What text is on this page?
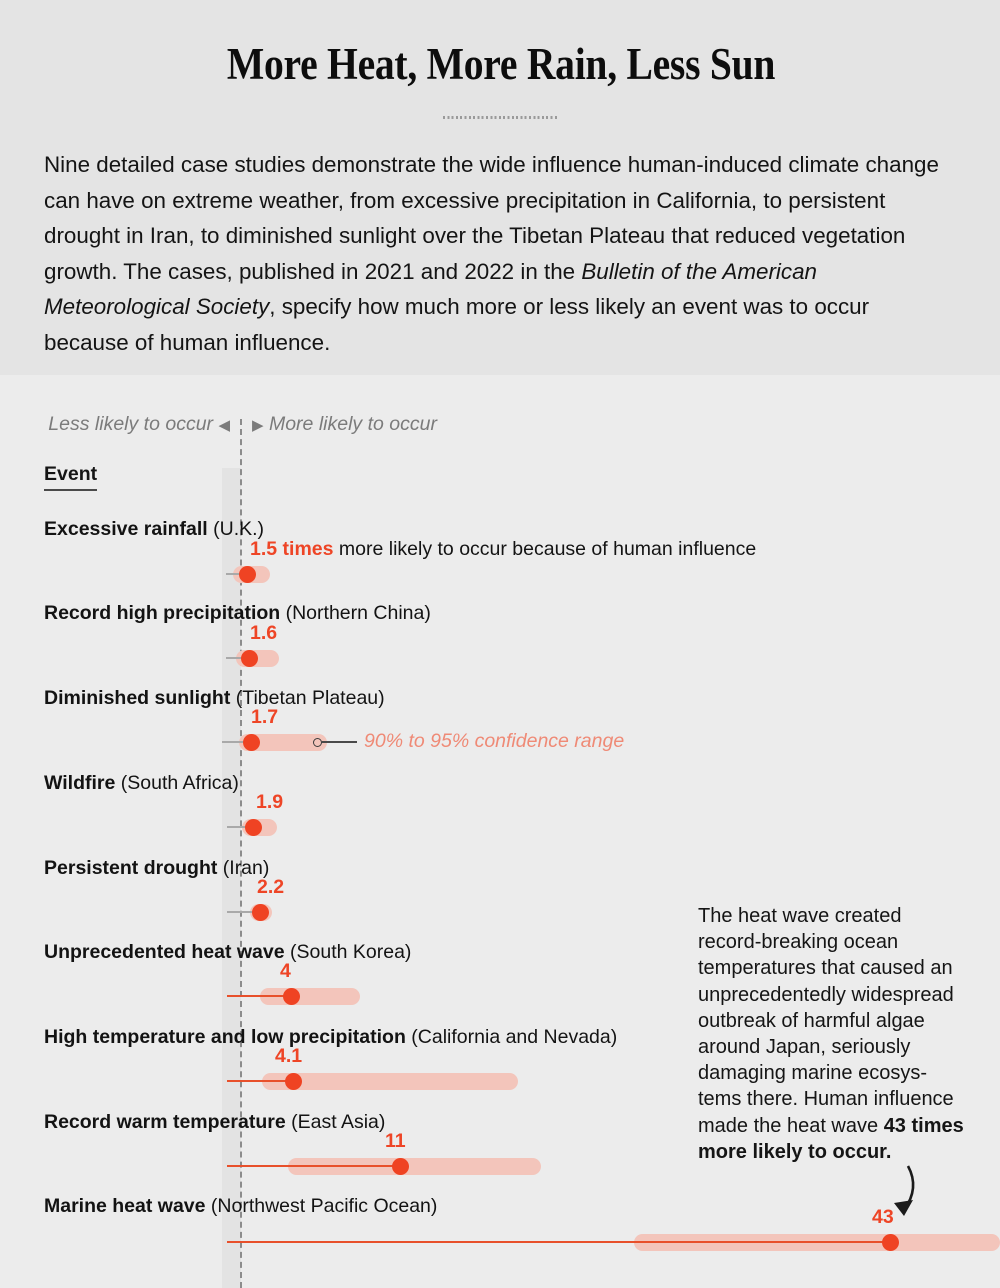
More Heat, More Rain, Less Sun

Nine detailed case studies demonstrate the wide influence human-induced climate change can have on extreme weather, from excessive precipitation in California, to persistent drought in Iran, to diminished sunlight over the Tibetan Plateau that reduced vegetation growth. The cases, published in 2021 and 2022 in the Bulletin of the American Meteorological Society, specify how much more or less likely an event was to occur because of human influence.

Less likely to occur ◀ ▶ More likely to occur
Event
Excessive rainfall (U.K.)
1.5 times more likely to occur because of human influence
Record high precipitation (Northern China)
1.6
Diminished sunlight (Tibetan Plateau)
1.7
Wildfire (South Africa)
1.9
Persistent drought (Iran)
2.2
Unprecedented heat wave (South Korea)
4
High temperature and low precipitation (California and Nevada)
4.1
Record warm temperature (East Asia)
11
Marine heat wave (Northwest Pacific Ocean)	43
90% to 95% confidence range
The heat wave created record-breaking ocean temperatures that caused an unprecedentedly widespread outbreak of harmful algae around Japan, seriously damaging marine ecosys-tems there. Human influence made the heat wave 43 times more likely to occur.
